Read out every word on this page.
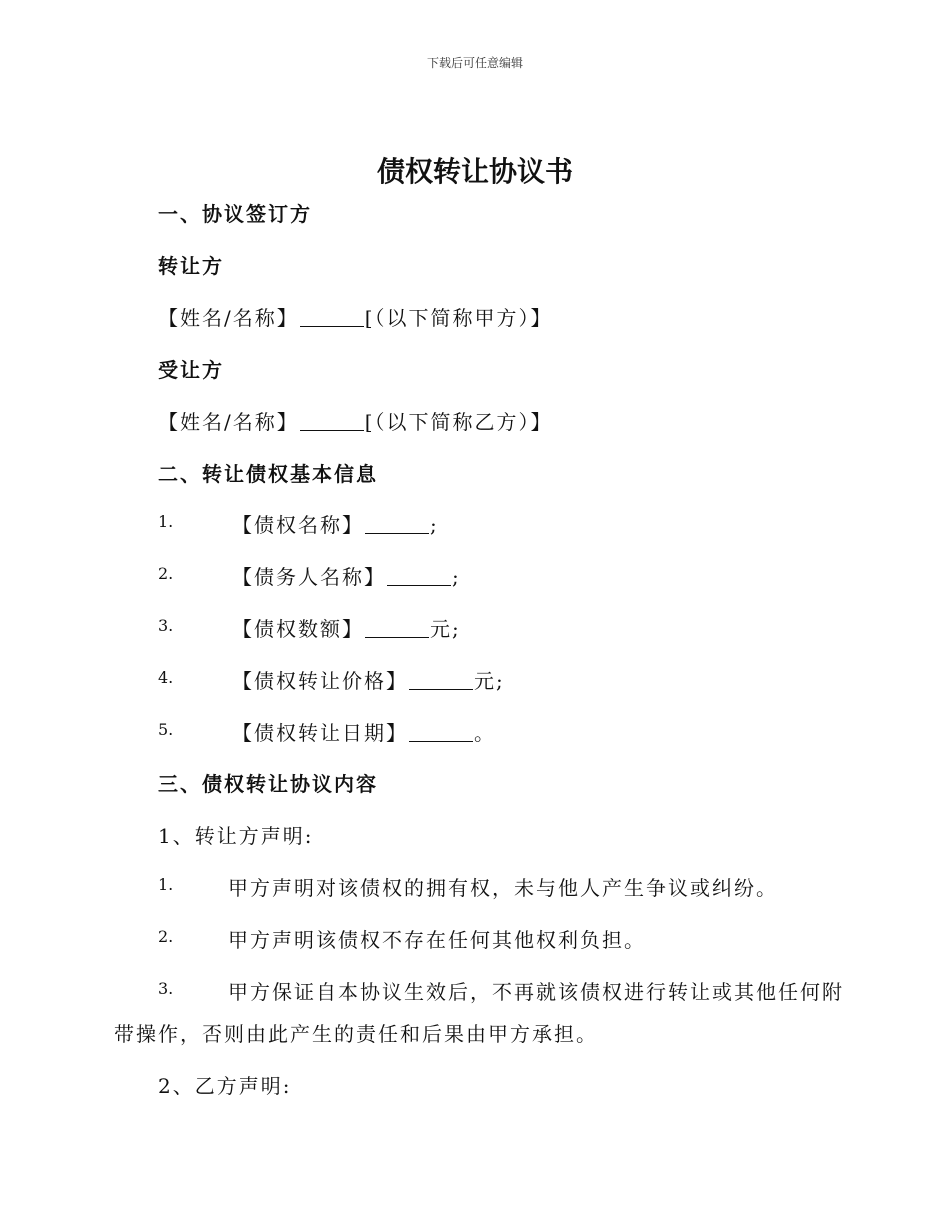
下载后可任意编辑
债权转让协议书
一、协议签订方
转让方
【姓名/名称】	[（以下简称甲方）】
受让方
【姓名/名称】	[（以下简称乙方）】
二、转让债权基本信息
1.	【债权名称】	;
2.	【债务人名称】	;
3.	【债权数额】	元;
4.	【债权转让价格】	元;
5.	【债权转让日期】	。
三、债权转让协议内容
1、转让方声明:
1.	甲方声明对该债权的拥有权，未与他人产生争议或纠纷。
2.	甲方声明该债权不存在任何其他权利负担。
3.	甲方保证自本协议生效后，不再就该债权进行转让或其他任何附
带操作，否则由此产生的责任和后果由甲方承担。
2、乙方声明:
